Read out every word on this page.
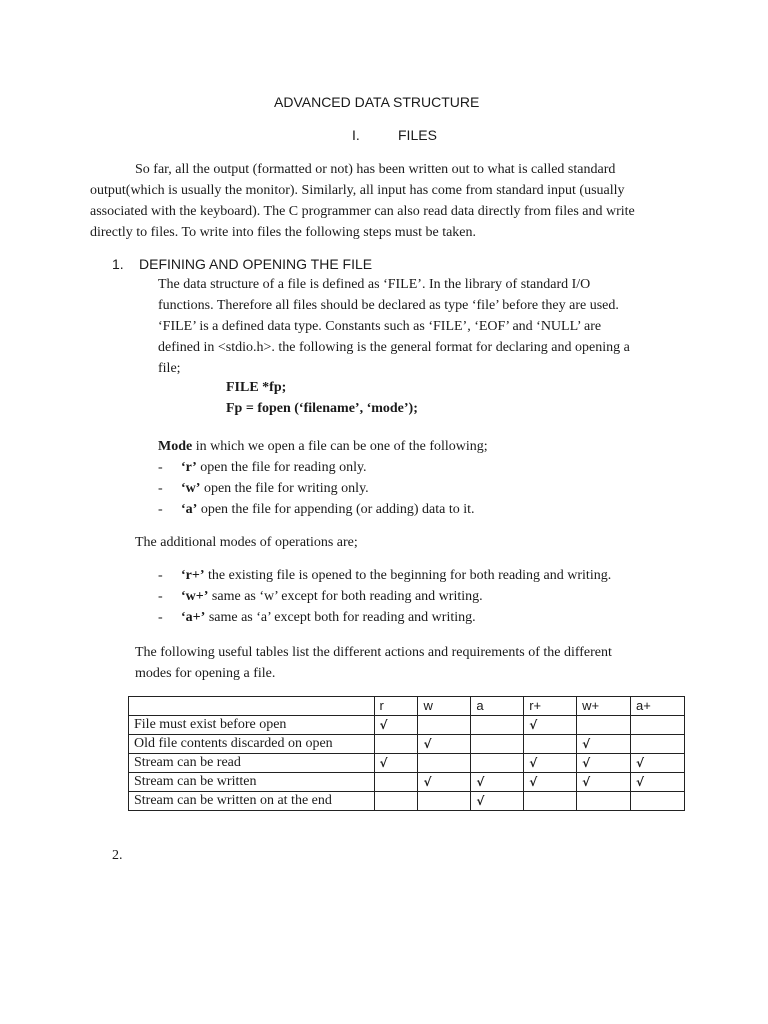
ADVANCED DATA STRUCTURE
I.	FILES
So far, all the output (formatted or not) has been written out to what is called standard
output(which is usually the monitor). Similarly, all input has come from standard input (usually
associated with the keyboard). The C programmer can also read data directly from files and write
directly to files. To write into files the following steps must be taken.
1. DEFINING AND OPENING THE FILE
The data structure of a file is defined as ‘FILE’. In the library of standard I/O
functions. Therefore all files should be declared as type ‘file’ before they are used.
‘FILE’ is a defined data type. Constants such as ‘FILE’, ‘EOF’ and ‘NULL’ are
defined in <stdio.h>. the following is the general format for declaring and opening a
file;
FILE *fp;
Fp = fopen (‘filename’, ‘mode’);
Mode in which we open a file can be one of the following;
- ‘r’ open the file for reading only.
- ‘w’ open the file for writing only.
- ‘a’ open the file for appending (or adding) data to it.
The additional modes of operations are;
- ‘r+’ the existing file is opened to the beginning for both reading and writing.
- ‘w+’ same as ‘w’ except for both reading and writing.
- ‘a+’ same as ‘a’ except both for reading and writing.
The following useful tables list the different actions and requirements of the different
modes for opening a file.
	r	w	a	r+	w+	a+
File must exist before open	√			√		
Old file contents discarded on open		√			√	
Stream can be read	√			√	√	√
Stream can be written		√	√	√	√	√
Stream can be written on at the end			√			
2.
